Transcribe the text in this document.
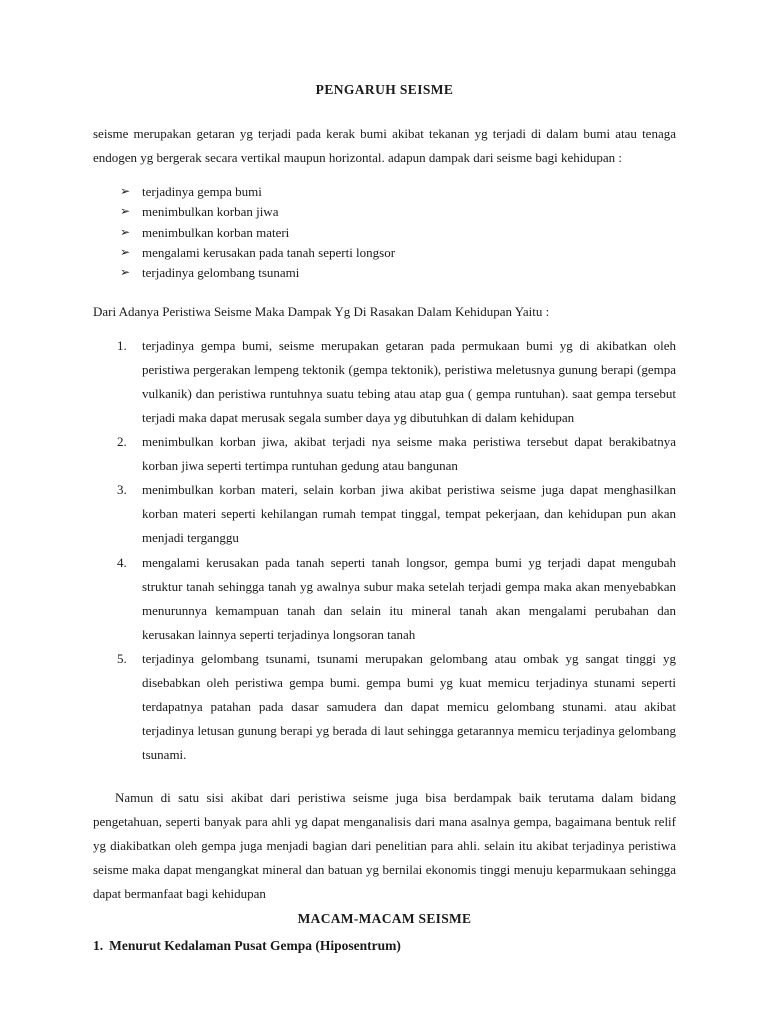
PENGARUH SEISME

seisme merupakan getaran yg terjadi pada kerak bumi akibat tekanan yg terjadi di dalam bumi atau tenaga endogen yg bergerak secara vertikal maupun horizontal. adapun dampak dari seisme bagi kehidupan :

➢ terjadinya gempa bumi
➢ menimbulkan korban jiwa
➢ menimbulkan korban materi
➢ mengalami kerusakan pada tanah seperti longsor
➢ terjadinya gelombang tsunami

Dari Adanya Peristiwa Seisme Maka Dampak Yg Di Rasakan Dalam Kehidupan Yaitu :

1. terjadinya gempa bumi, seisme merupakan getaran pada permukaan bumi yg di akibatkan oleh peristiwa pergerakan lempeng tektonik (gempa tektonik), peristiwa meletusnya gunung berapi (gempa vulkanik) dan peristiwa runtuhnya suatu tebing atau atap gua ( gempa runtuhan). saat gempa tersebut terjadi maka dapat merusak segala sumber daya yg dibutuhkan di dalam kehidupan
2. menimbulkan korban jiwa, akibat terjadi nya seisme maka peristiwa tersebut dapat berakibatnya korban jiwa seperti tertimpa runtuhan gedung atau bangunan
3. menimbulkan korban materi, selain korban jiwa akibat peristiwa seisme juga dapat menghasilkan korban materi seperti kehilangan rumah tempat tinggal, tempat pekerjaan, dan kehidupan pun akan menjadi terganggu
4. mengalami kerusakan pada tanah seperti tanah longsor, gempa bumi yg terjadi dapat mengubah struktur tanah sehingga tanah yg awalnya subur maka setelah terjadi gempa maka akan menyebabkan menurunnya kemampuan tanah dan selain itu mineral tanah akan mengalami perubahan dan kerusakan lainnya seperti terjadinya longsoran tanah
5. terjadinya gelombang tsunami, tsunami merupakan gelombang atau ombak yg sangat tinggi yg disebabkan oleh peristiwa gempa bumi. gempa bumi yg kuat memicu terjadinya stunami seperti terdapatnya patahan pada dasar samudera dan dapat memicu gelombang stunami. atau akibat terjadinya letusan gunung berapi yg berada di laut sehingga getarannya memicu terjadinya gelombang tsunami.

Namun di satu sisi akibat dari peristiwa seisme juga bisa berdampak baik terutama dalam bidang pengetahuan, seperti banyak para ahli yg dapat menganalisis dari mana asalnya gempa, bagaimana bentuk relif yg diakibatkan oleh gempa juga menjadi bagian dari penelitian para ahli. selain itu akibat terjadinya peristiwa seisme maka dapat mengangkat mineral dan batuan yg bernilai ekonomis tinggi menuju keparmukaan sehingga dapat bermanfaat bagi kehidupan

MACAM-MACAM SEISME
1. Menurut Kedalaman Pusat Gempa (Hiposentrum)
